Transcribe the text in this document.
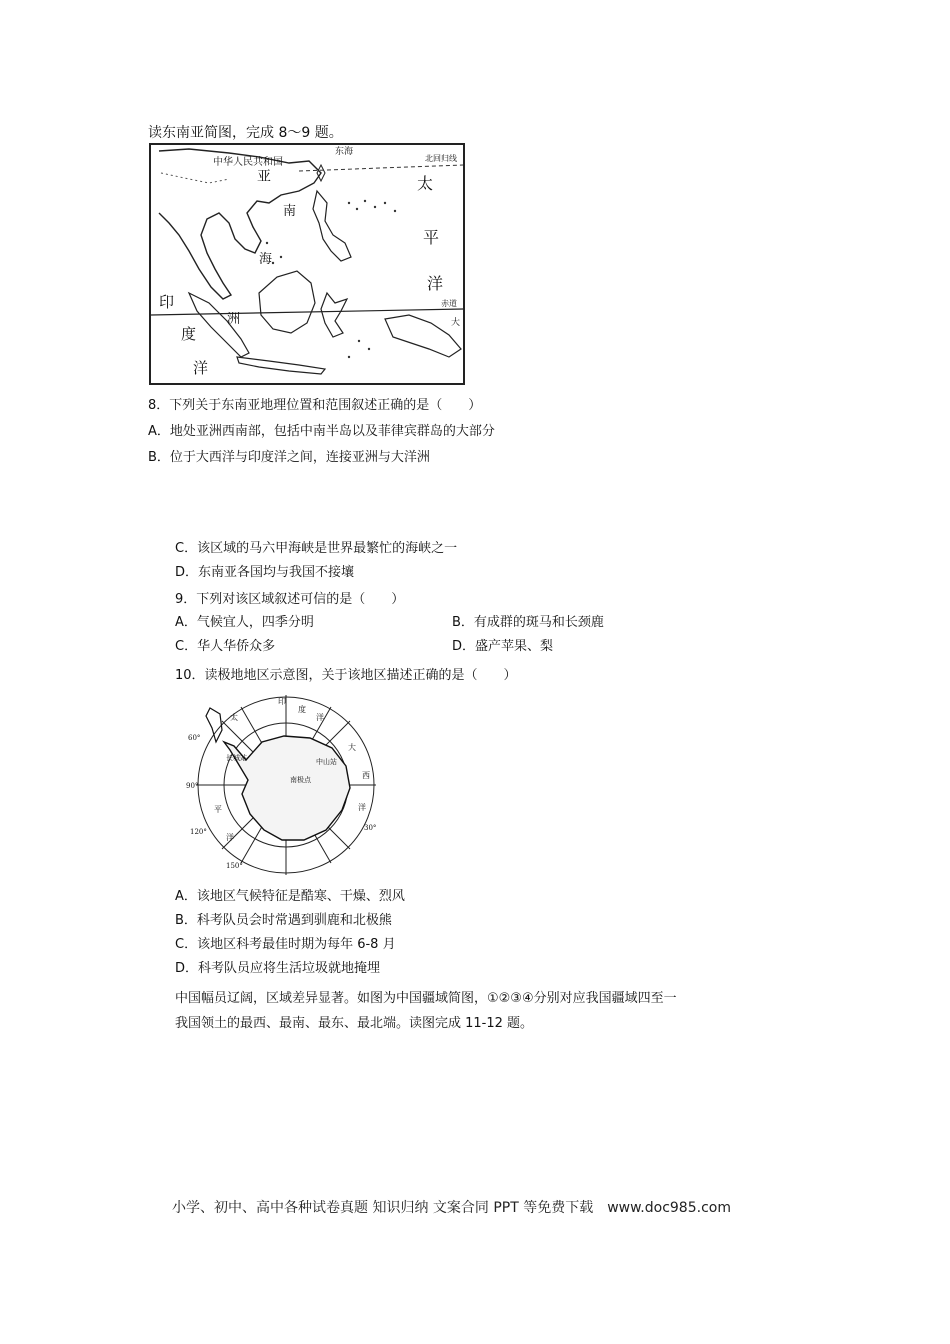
读东南亚简图，完成 8～9 题。
中华人民共和国
东海
北回归线
亚
南
海
太
平
洋
赤道
大
印
度
洋
洲
8．下列关于东南亚地理位置和范围叙述正确的是（　　）
A．地处亚洲西南部，包括中南半岛以及菲律宾群岛的大部分
B．位于大西洋与印度洋之间，连接亚洲与大洋洲
C．该区域的马六甲海峡是世界最繁忙的海峡之一
D．东南亚各国均与我国不接壤
9．下列对该区域叙述可信的是（　　）
A．气候宜人，四季分明	B．有成群的斑马和长颈鹿
C．华人华侨众多	D．盛产苹果、梨
10．读极地地区示意图，关于该地区描述正确的是（　　）
印
度
洋
太
平
洋
大
西
洋
南极点
中山站
长城站
60°
90°
120°
150°
30°
A．该地区气候特征是酷寒、干燥、烈风
B．科考队员会时常遇到驯鹿和北极熊
C．该地区科考最佳时期为每年 6-8 月
D．科考队员应将生活垃圾就地掩埋
中国幅员辽阔，区域差异显著。如图为中国疆域简图，①②③④分别对应我国疆域四至一
我国领土的最西、最南、最东、最北端。读图完成 11-12 题。
小学、初中、高中各种试卷真题 知识归纳 文案合同 PPT 等免费下载　www.doc985.com
